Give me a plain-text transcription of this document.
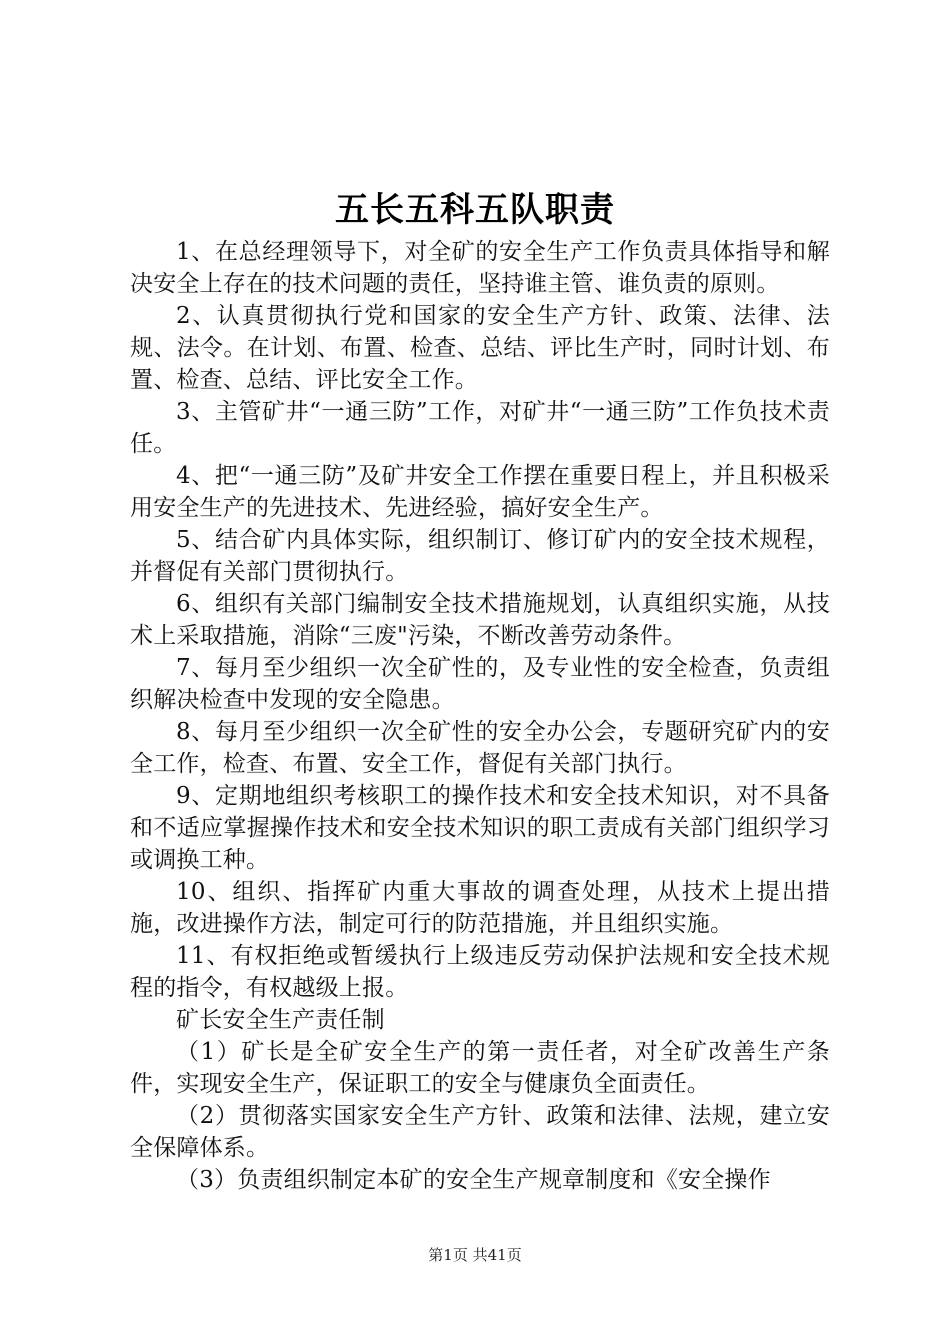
五长五科五队职责

1、在总经理领导下，对全矿的安全生产工作负责具体指导和解决安全上存在的技术问题的责任，坚持谁主管、谁负责的原则。

2、认真贯彻执行党和国家的安全生产方针、政策、法律、法规、法令。在计划、布置、检查、总结、评比生产时，同时计划、布置、检查、总结、评比安全工作。

3、主管矿井“一通三防”工作，对矿井“一通三防”工作负技术责任。

4、把“一通三防”及矿井安全工作摆在重要日程上，并且积极采用安全生产的先进技术、先进经验，搞好安全生产。

5、结合矿内具体实际，组织制订、修订矿内的安全技术规程，并督促有关部门贯彻执行。

6、组织有关部门编制安全技术措施规划，认真组织实施，从技术上采取措施，消除“三废"污染，不断改善劳动条件。

7、每月至少组织一次全矿性的，及专业性的安全检查，负责组织解决检查中发现的安全隐患。

8、每月至少组织一次全矿性的安全办公会，专题研究矿内的安全工作，检查、布置、安全工作，督促有关部门执行。

9、定期地组织考核职工的操作技术和安全技术知识，对不具备和不适应掌握操作技术和安全技术知识的职工责成有关部门组织学习或调换工种。

10、组织、指挥矿内重大事故的调查处理，从技术上提出措施，改进操作方法，制定可行的防范措施，并且组织实施。

11、有权拒绝或暂缓执行上级违反劳动保护法规和安全技术规程的指令，有权越级上报。

矿长安全生产责任制

（1）矿长是全矿安全生产的第一责任者，对全矿改善生产条件，实现安全生产，保证职工的安全与健康负全面责任。

（2）贯彻落实国家安全生产方针、政策和法律、法规，建立安全保障体系。

（3）负责组织制定本矿的安全生产规章制度和《安全操作

第1页 共41页
